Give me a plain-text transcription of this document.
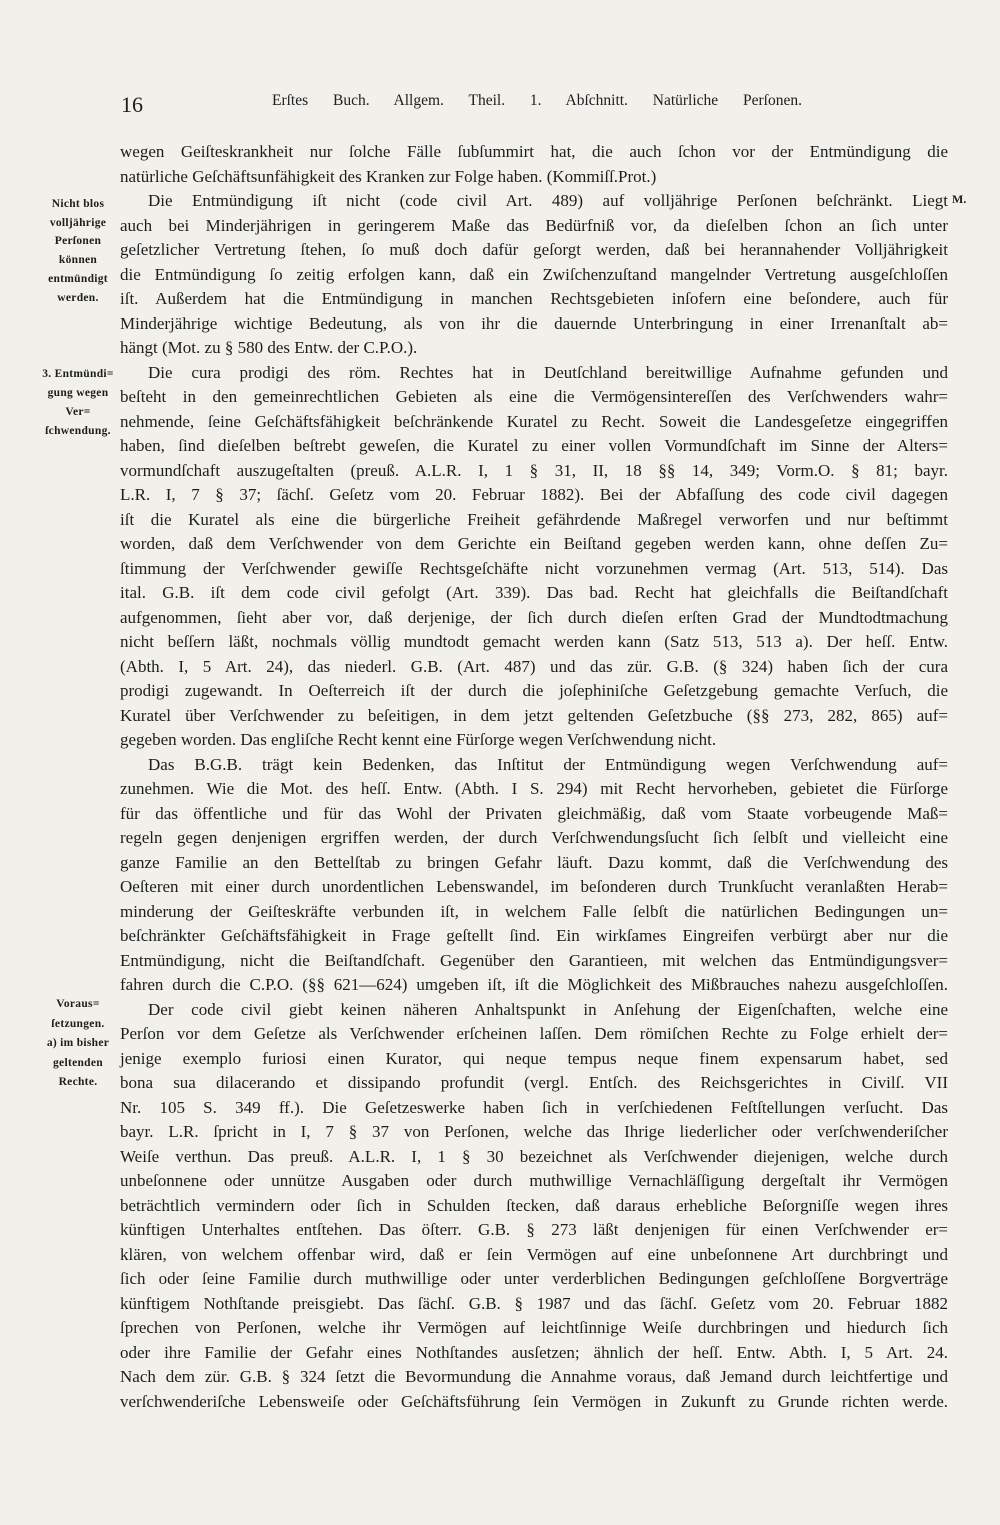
16	Erſtes Buch. Allgem. Theil. 1. Abſchnitt. Natürliche Perſonen.
M.
Nicht blos
volljährige
Perſonen
können
entmündigt
werden.
3. Entmündi=
gung wegen
Ver=
ſchwendung.
Voraus=
ſetzungen.
a) im bisher
geltenden
Rechte.
wegen Geiſteskrankheit nur ſolche Fälle ſubſummirt hat, die auch ſchon vor der Entmündigung die
natürliche Geſchäftsunfähigkeit des Kranken zur Folge haben. (Kommiſſ.Prot.)
Die Entmündigung iſt nicht (code civil Art. 489) auf volljährige Perſonen beſchränkt. Liegt
auch bei Minderjährigen in geringerem Maße das Bedürfniß vor, da dieſelben ſchon an ſich unter
geſetzlicher Vertretung ſtehen, ſo muß doch dafür geſorgt werden, daß bei herannahender Volljährigkeit
die Entmündigung ſo zeitig erfolgen kann, daß ein Zwiſchenzuſtand mangelnder Vertretung ausgeſchloſſen
iſt. Außerdem hat die Entmündigung in manchen Rechtsgebieten inſofern eine beſondere, auch für
Minderjährige wichtige Bedeutung, als von ihr die dauernde Unterbringung in einer Irrenanſtalt ab=
hängt (Mot. zu § 580 des Entw. der C.P.O.).
Die cura prodigi des röm. Rechtes hat in Deutſchland bereitwillige Aufnahme gefunden und
beſteht in den gemeinrechtlichen Gebieten als eine die Vermögensintereſſen des Verſchwenders wahr=
nehmende, ſeine Geſchäftsfähigkeit beſchränkende Kuratel zu Recht. Soweit die Landesgeſetze eingegriffen
haben, ſind dieſelben beſtrebt geweſen, die Kuratel zu einer vollen Vormundſchaft im Sinne der Alters=
vormundſchaft auszugeſtalten (preuß. A.L.R. I, 1 § 31, II, 18 §§ 14, 349; Vorm.O. § 81; bayr.
L.R. I, 7 § 37; ſächſ. Geſetz vom 20. Februar 1882). Bei der Abfaſſung des code civil dagegen
iſt die Kuratel als eine die bürgerliche Freiheit gefährdende Maßregel verworfen und nur beſtimmt
worden, daß dem Verſchwender von dem Gerichte ein Beiſtand gegeben werden kann, ohne deſſen Zu=
ſtimmung der Verſchwender gewiſſe Rechtsgeſchäfte nicht vorzunehmen vermag (Art. 513, 514). Das
ital. G.B. iſt dem code civil gefolgt (Art. 339). Das bad. Recht hat gleichfalls die Beiſtandſchaft
aufgenommen, ſieht aber vor, daß derjenige, der ſich durch dieſen erſten Grad der Mundtodtmachung
nicht beſſern läßt, nochmals völlig mundtodt gemacht werden kann (Satz 513, 513 a). Der heſſ. Entw.
(Abth. I, 5 Art. 24), das niederl. G.B. (Art. 487) und das zür. G.B. (§ 324) haben ſich der cura
prodigi zugewandt. In Oeſterreich iſt der durch die joſephiniſche Geſetzgebung gemachte Verſuch, die
Kuratel über Verſchwender zu beſeitigen, in dem jetzt geltenden Geſetzbuche (§§ 273, 282, 865) auf=
gegeben worden. Das engliſche Recht kennt eine Fürſorge wegen Verſchwendung nicht.
Das B.G.B. trägt kein Bedenken, das Inſtitut der Entmündigung wegen Verſchwendung auf=
zunehmen. Wie die Mot. des heſſ. Entw. (Abth. I S. 294) mit Recht hervorheben, gebietet die Fürſorge
für das öffentliche und für das Wohl der Privaten gleichmäßig, daß vom Staate vorbeugende Maß=
regeln gegen denjenigen ergriffen werden, der durch Verſchwendungsſucht ſich ſelbſt und vielleicht eine
ganze Familie an den Bettelſtab zu bringen Gefahr läuft. Dazu kommt, daß die Verſchwendung des
Oeſteren mit einer durch unordentlichen Lebenswandel, im beſonderen durch Trunkſucht veranlaßten Herab=
minderung der Geiſteskräfte verbunden iſt, in welchem Falle ſelbſt die natürlichen Bedingungen un=
beſchränkter Geſchäftsfähigkeit in Frage geſtellt ſind. Ein wirkſames Eingreifen verbürgt aber nur die
Entmündigung, nicht die Beiſtandſchaft. Gegenüber den Garantieen, mit welchen das Entmündigungsver=
fahren durch die C.P.O. (§§ 621—624) umgeben iſt, iſt die Möglichkeit des Mißbrauches nahezu ausgeſchloſſen.
Der code civil giebt keinen näheren Anhaltspunkt in Anſehung der Eigenſchaften, welche eine
Perſon vor dem Geſetze als Verſchwender erſcheinen laſſen. Dem römiſchen Rechte zu Folge erhielt der=
jenige exemplo furiosi einen Kurator, qui neque tempus neque finem expensarum habet, sed
bona sua dilacerando et dissipando profundit (vergl. Entſch. des Reichsgerichtes in Civilſ. VII
Nr. 105 S. 349 ff.). Die Geſetzeswerke haben ſich in verſchiedenen Feſtſtellungen verſucht. Das
bayr. L.R. ſpricht in I, 7 § 37 von Perſonen, welche das Ihrige liederlicher oder verſchwenderiſcher
Weiſe verthun. Das preuß. A.L.R. I, 1 § 30 bezeichnet als Verſchwender diejenigen, welche durch
unbeſonnene oder unnütze Ausgaben oder durch muthwillige Vernachläſſigung dergeſtalt ihr Vermögen
beträchtlich vermindern oder ſich in Schulden ſtecken, daß daraus erhebliche Beſorgniſſe wegen ihres
künftigen Unterhaltes entſtehen. Das öſterr. G.B. § 273 läßt denjenigen für einen Verſchwender er=
klären, von welchem offenbar wird, daß er ſein Vermögen auf eine unbeſonnene Art durchbringt und
ſich oder ſeine Familie durch muthwillige oder unter verderblichen Bedingungen geſchloſſene Borgverträge
künftigem Nothſtande preisgiebt. Das ſächſ. G.B. § 1987 und das ſächſ. Geſetz vom 20. Februar 1882
ſprechen von Perſonen, welche ihr Vermögen auf leichtſinnige Weiſe durchbringen und hiedurch ſich
oder ihre Familie der Gefahr eines Nothſtandes ausſetzen; ähnlich der heſſ. Entw. Abth. I, 5 Art. 24.
Nach dem zür. G.B. § 324 ſetzt die Bevormundung die Annahme voraus, daß Jemand durch leichtfertige und
verſchwenderiſche Lebensweiſe oder Geſchäftsführung ſein Vermögen in Zukunft zu Grunde richten werde.
